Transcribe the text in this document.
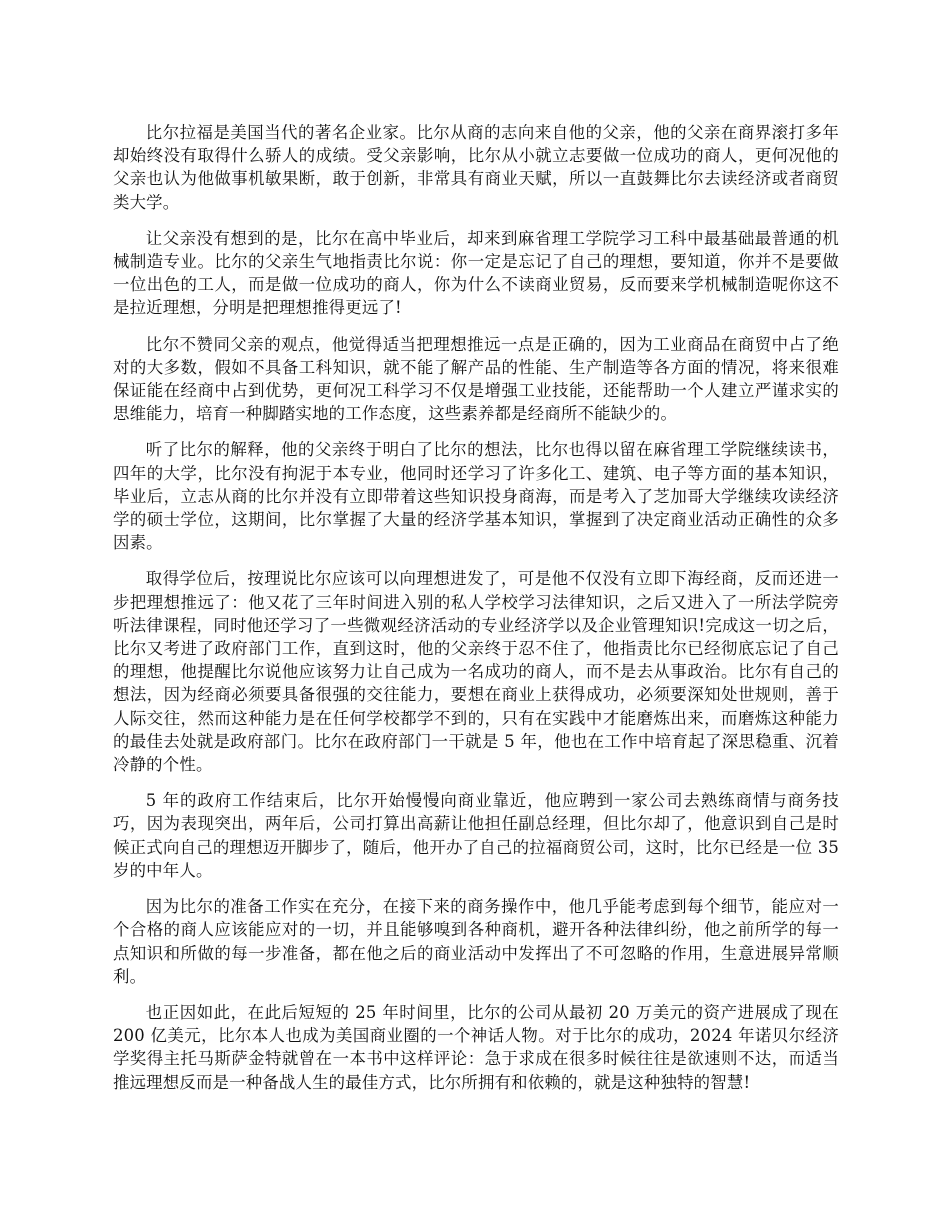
比尔拉福是美国当代的著名企业家。比尔从商的志向来自他的父亲，他的父亲在商界滚打多年却始终没有取得什么骄人的成绩。受父亲影响，比尔从小就立志要做一位成功的商人，更何况他的父亲也认为他做事机敏果断，敢于创新，非常具有商业天赋，所以一直鼓舞比尔去读经济或者商贸类大学。

让父亲没有想到的是，比尔在高中毕业后，却来到麻省理工学院学习工科中最基础最普通的机械制造专业。比尔的父亲生气地指责比尔说：你一定是忘记了自己的理想，要知道，你并不是要做一位出色的工人，而是做一位成功的商人，你为什么不读商业贸易，反而要来学机械制造呢你这不是拉近理想，分明是把理想推得更远了!

比尔不赞同父亲的观点，他觉得适当把理想推远一点是正确的，因为工业商品在商贸中占了绝对的大多数，假如不具备工科知识，就不能了解产品的性能、生产制造等各方面的情况，将来很难保证能在经商中占到优势，更何况工科学习不仅是增强工业技能，还能帮助一个人建立严谨求实的思维能力，培育一种脚踏实地的工作态度，这些素养都是经商所不能缺少的。

听了比尔的解释，他的父亲终于明白了比尔的想法，比尔也得以留在麻省理工学院继续读书，四年的大学，比尔没有拘泥于本专业，他同时还学习了许多化工、建筑、电子等方面的基本知识，毕业后，立志从商的比尔并没有立即带着这些知识投身商海，而是考入了芝加哥大学继续攻读经济学的硕士学位，这期间，比尔掌握了大量的经济学基本知识，掌握到了决定商业活动正确性的众多因素。

取得学位后，按理说比尔应该可以向理想进发了，可是他不仅没有立即下海经商，反而还进一步把理想推远了：他又花了三年时间进入别的私人学校学习法律知识，之后又进入了一所法学院旁听法律课程，同时他还学习了一些微观经济活动的专业经济学以及企业管理知识!完成这一切之后，比尔又考进了政府部门工作，直到这时，他的父亲终于忍不住了，他指责比尔已经彻底忘记了自己的理想，他提醒比尔说他应该努力让自己成为一名成功的商人，而不是去从事政治。比尔有自己的想法，因为经商必须要具备很强的交往能力，要想在商业上获得成功，必须要深知处世规则，善于人际交往，然而这种能力是在任何学校都学不到的，只有在实践中才能磨炼出来，而磨炼这种能力的最佳去处就是政府部门。比尔在政府部门一干就是 5 年，他也在工作中培育起了深思稳重、沉着冷静的个性。

5 年的政府工作结束后，比尔开始慢慢向商业靠近，他应聘到一家公司去熟练商情与商务技巧，因为表现突出，两年后，公司打算出高薪让他担任副总经理，但比尔却了，他意识到自己是时候正式向自己的理想迈开脚步了，随后，他开办了自己的拉福商贸公司，这时，比尔已经是一位 35 岁的中年人。

因为比尔的准备工作实在充分，在接下来的商务操作中，他几乎能考虑到每个细节，能应对一个合格的商人应该能应对的一切，并且能够嗅到各种商机，避开各种法律纠纷，他之前所学的每一点知识和所做的每一步准备，都在他之后的商业活动中发挥出了不可忽略的作用，生意进展异常顺利。

也正因如此，在此后短短的 25 年时间里，比尔的公司从最初 20 万美元的资产进展成了现在 200 亿美元，比尔本人也成为美国商业圈的一个神话人物。对于比尔的成功，2024 年诺贝尔经济学奖得主托马斯萨金特就曾在一本书中这样评论：急于求成在很多时候往往是欲速则不达，而适当推远理想反而是一种备战人生的最佳方式，比尔所拥有和依赖的，就是这种独特的智慧!
